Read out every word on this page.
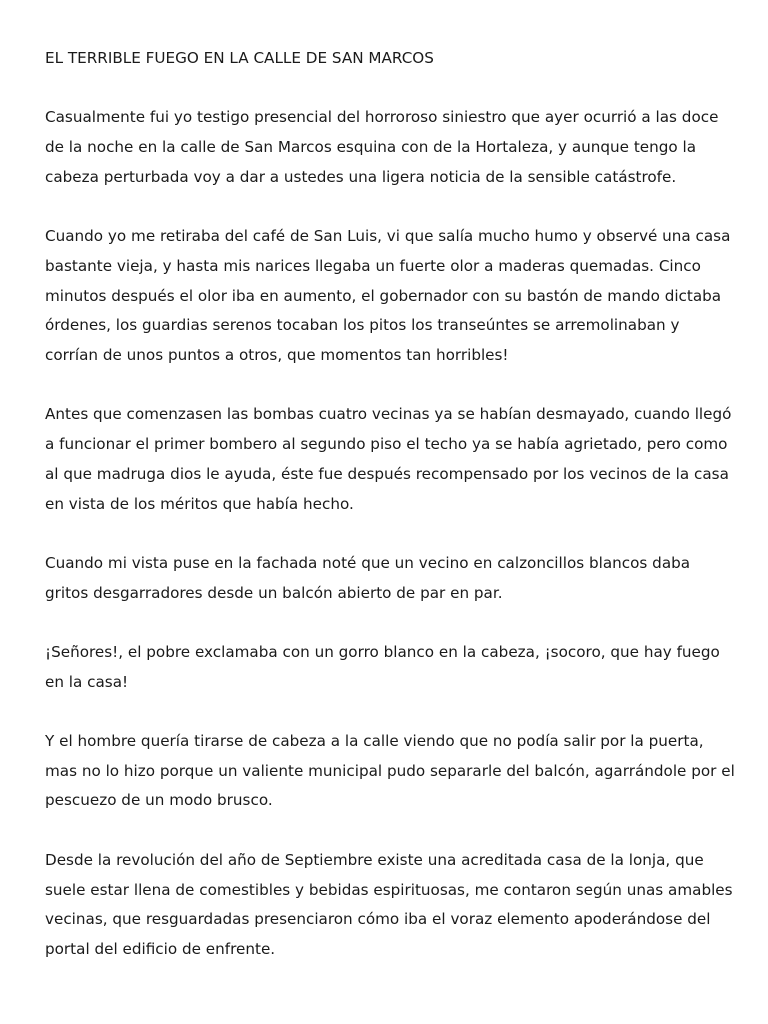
EL TERRIBLE FUEGO EN LA CALLE DE SAN MARCOS

Casualmente fui yo testigo presencial del horroroso siniestro que ayer ocurrió a las doce de la noche en la calle de San Marcos esquina con de la Hortaleza, y aunque tengo la cabeza perturbada voy a dar a ustedes una ligera noticia de la sensible catástrofe.

Cuando yo me retiraba del café de San Luis, vi que salía mucho humo y observé una casa bastante vieja, y hasta mis narices llegaba un fuerte olor a maderas quemadas. Cinco minutos después el olor iba en aumento, el gobernador con su bastón de mando dictaba órdenes, los guardias serenos tocaban los pitos los transeúntes se arremolinaban y corrían de unos puntos a otros, que momentos tan horribles!

Antes que comenzasen las bombas cuatro vecinas ya se habían desmayado, cuando llegó a funcionar el primer bombero al segundo piso el techo ya se había agrietado, pero como al que madruga dios le ayuda, éste fue después recompensado por los vecinos de la casa en vista de los méritos que había hecho.

Cuando mi vista puse en la fachada noté que un vecino en calzoncillos blancos daba gritos desgarradores desde un balcón abierto de par en par.

¡Señores!, el pobre exclamaba con un gorro blanco en la cabeza, ¡socoro, que hay fuego en la casa!

Y el hombre quería tirarse de cabeza a la calle viendo que no podía salir por la puerta, mas no lo hizo porque un valiente municipal pudo separarle del balcón, agarrándole por el pescuezo de un modo brusco.

Desde la revolución del año de Septiembre existe una acreditada casa de la lonja, que suele estar llena de comestibles y bebidas espirituosas, me contaron según unas amables vecinas, que resguardadas presenciaron cómo iba el voraz elemento apoderándose del portal del edificio de enfrente.
